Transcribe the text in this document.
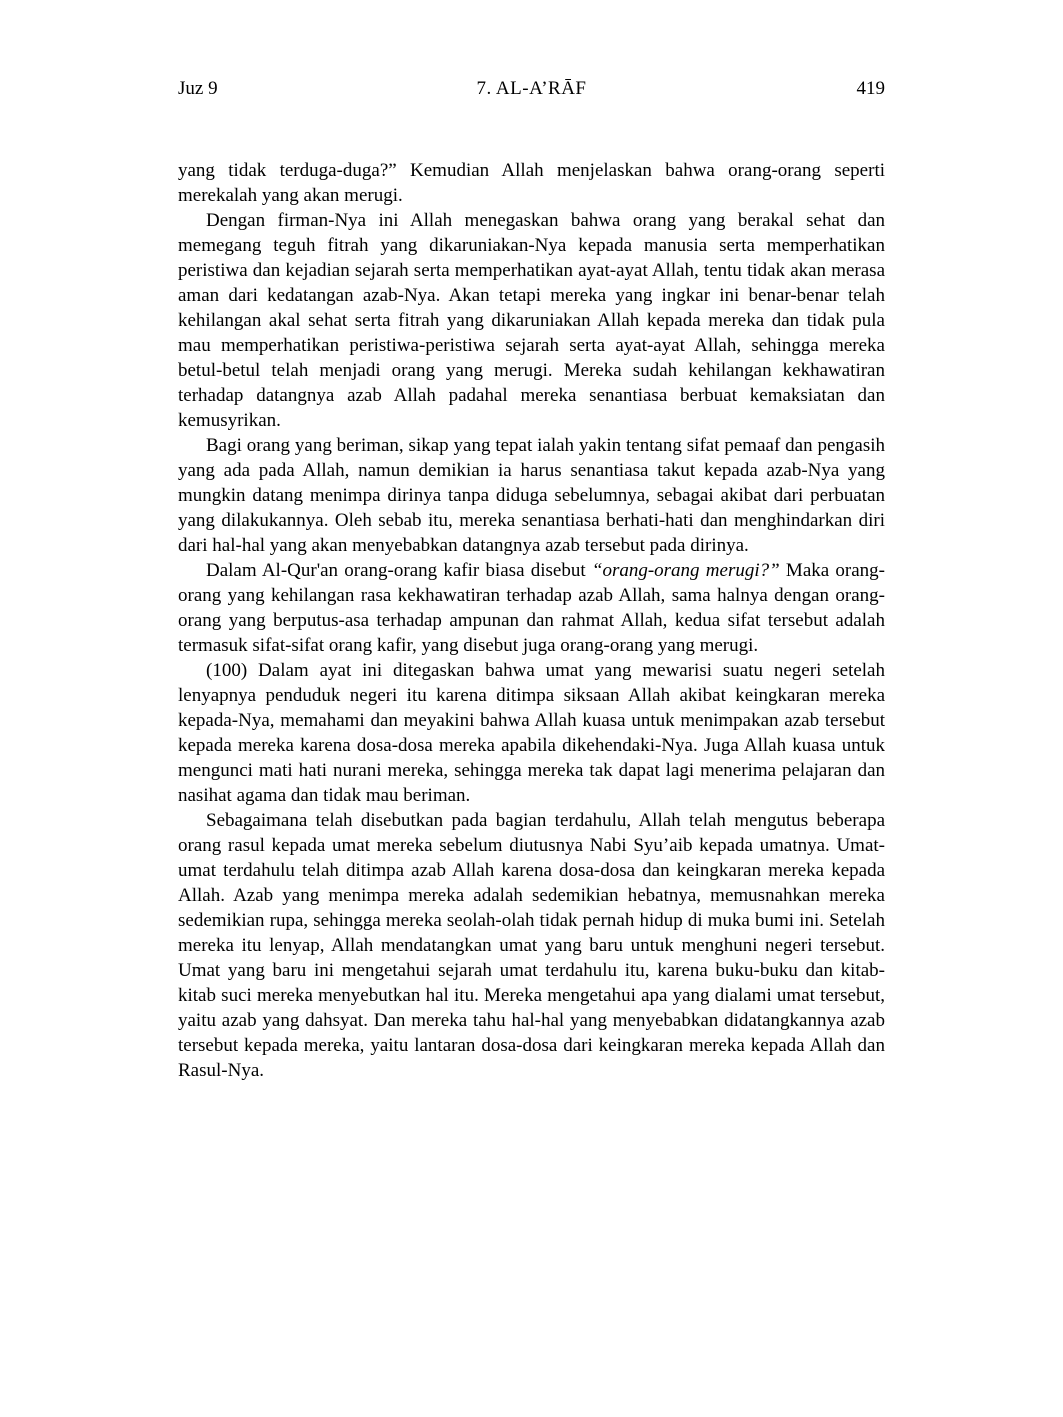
Juz 9	7. AL-A’RĀF	419

yang tidak terduga-duga?” Kemudian Allah menjelaskan bahwa orang-orang seperti merekalah yang akan merugi.

Dengan firman-Nya ini Allah menegaskan bahwa orang yang berakal sehat dan memegang teguh fitrah yang dikaruniakan-Nya kepada manusia serta memperhatikan peristiwa dan kejadian sejarah serta memperhatikan ayat-ayat Allah, tentu tidak akan merasa aman dari kedatangan azab-Nya. Akan tetapi mereka yang ingkar ini benar-benar telah kehilangan akal sehat serta fitrah yang dikaruniakan Allah kepada mereka dan tidak pula mau memperhatikan peristiwa-peristiwa sejarah serta ayat-ayat Allah, sehingga mereka betul-betul telah menjadi orang yang merugi. Mereka sudah kehilangan kekhawatiran terhadap datangnya azab Allah padahal mereka senantiasa berbuat kemaksiatan dan kemusyrikan.

Bagi orang yang beriman, sikap yang tepat ialah yakin tentang sifat pemaaf dan pengasih yang ada pada Allah, namun demikian ia harus senantiasa takut kepada azab-Nya yang mungkin datang menimpa dirinya tanpa diduga sebelumnya, sebagai akibat dari perbuatan yang dilakukannya. Oleh sebab itu, mereka senantiasa berhati-hati dan menghindarkan diri dari hal-hal yang akan menyebabkan datangnya azab tersebut pada dirinya.

Dalam Al-Qur'an orang-orang kafir biasa disebut “orang-orang merugi?” Maka orang-orang yang kehilangan rasa kekhawatiran terhadap azab Allah, sama halnya dengan orang-orang yang berputus-asa terhadap ampunan dan rahmat Allah, kedua sifat tersebut adalah termasuk sifat-sifat orang kafir, yang disebut juga orang-orang yang merugi.

(100) Dalam ayat ini ditegaskan bahwa umat yang mewarisi suatu negeri setelah lenyapnya penduduk negeri itu karena ditimpa siksaan Allah akibat keingkaran mereka kepada-Nya, memahami dan meyakini bahwa Allah kuasa untuk menimpakan azab tersebut kepada mereka karena dosa-dosa mereka apabila dikehendaki-Nya. Juga Allah kuasa untuk mengunci mati hati nurani mereka, sehingga mereka tak dapat lagi menerima pelajaran dan nasihat agama dan tidak mau beriman.

Sebagaimana telah disebutkan pada bagian terdahulu, Allah telah mengutus beberapa orang rasul kepada umat mereka sebelum diutusnya Nabi Syu’aib kepada umatnya. Umat-umat terdahulu telah ditimpa azab Allah karena dosa-dosa dan keingkaran mereka kepada Allah. Azab yang menimpa mereka adalah sedemikian hebatnya, memusnahkan mereka sedemikian rupa, sehingga mereka seolah-olah tidak pernah hidup di muka bumi ini. Setelah mereka itu lenyap, Allah mendatangkan umat yang baru untuk menghuni negeri tersebut. Umat yang baru ini mengetahui sejarah umat terdahulu itu, karena buku-buku dan kitab-kitab suci mereka menyebutkan hal itu. Mereka mengetahui apa yang dialami umat tersebut, yaitu azab yang dahsyat. Dan mereka tahu hal-hal yang menyebabkan didatangkannya azab tersebut kepada mereka, yaitu lantaran dosa-dosa dari keingkaran mereka kepada Allah dan Rasul-Nya.
